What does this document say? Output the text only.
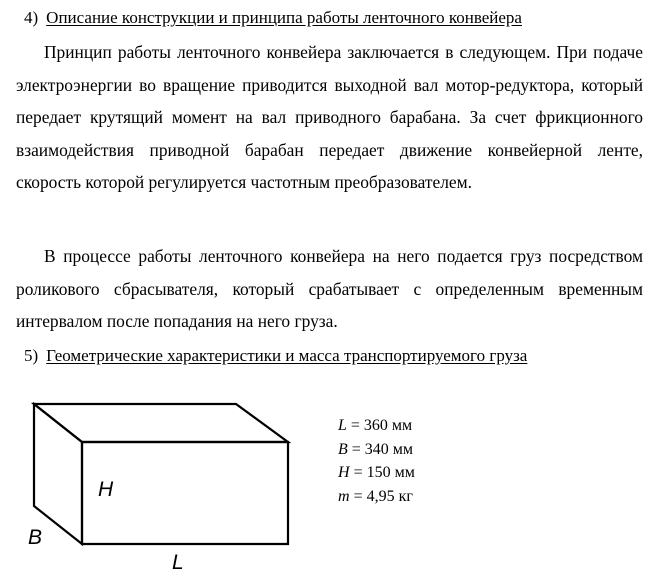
4) Описание конструкции и принципа работы ленточного конвейера

Принцип работы ленточного конвейера заключается в следующем. При подаче электроэнергии во вращение приводится выходной вал мотор-редуктора, который передает крутящий момент на вал приводного барабана. За счет фрикционного взаимодействия приводной барабан передает движение конвейерной ленте, скорость которой регулируется частотным преобразователем.

В процессе работы ленточного конвейера на него подается груз посредством роликового сбрасывателя, который срабатывает с определенным временным интервалом после попадания на него груза.

5) Геометрические характеристики и масса транспортируемого груза
H
B
L
L = 360 мм
B = 340 мм
H = 150 мм
m = 4,95 кг
